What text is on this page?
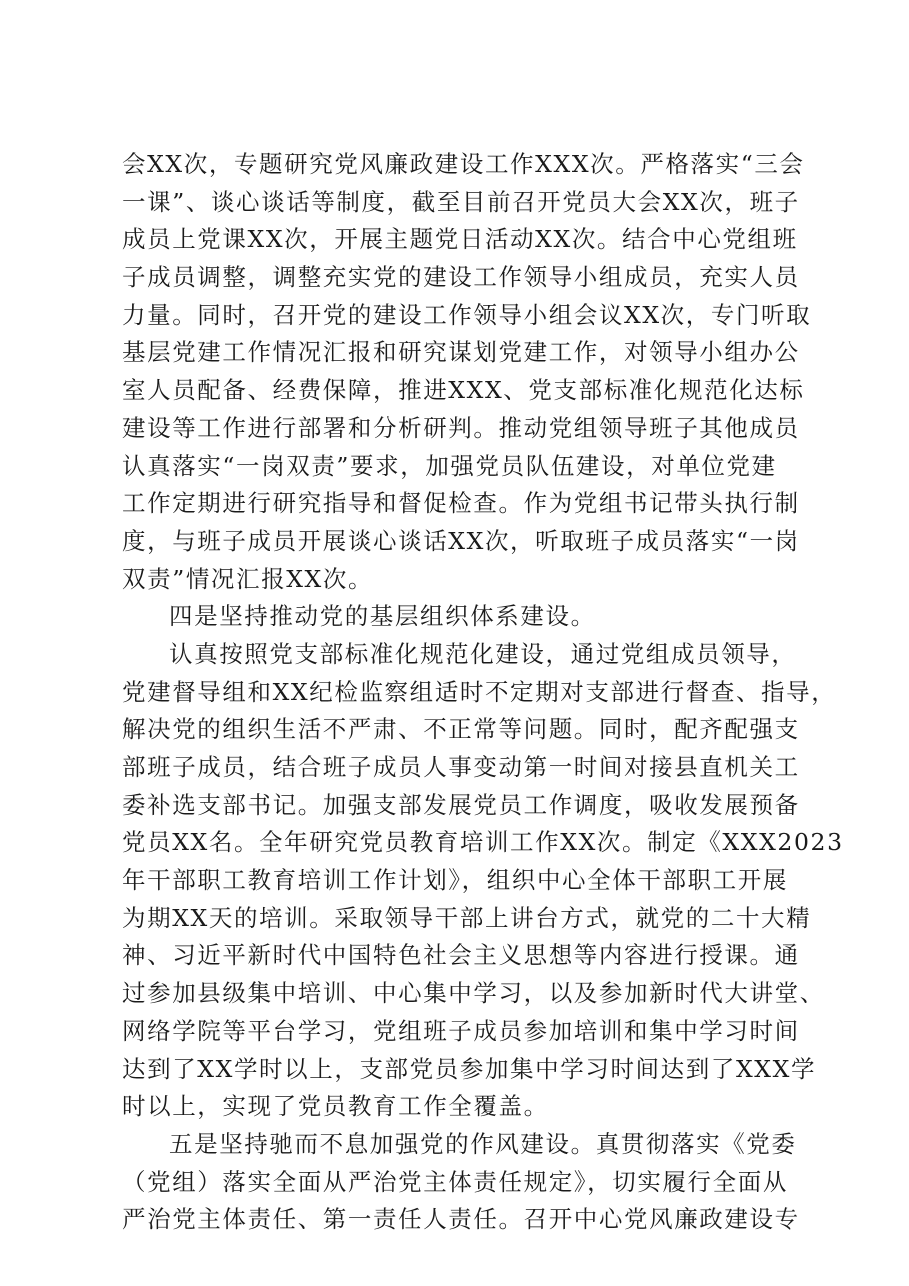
会XX次，专题研究党风廉政建设工作XXX次。严格落实“三会
一课”、谈心谈话等制度，截至目前召开党员大会XX次，班子
成员上党课XX次，开展主题党日活动XX次。结合中心党组班
子成员调整，调整充实党的建设工作领导小组成员，充实人员
力量。同时，召开党的建设工作领导小组会议XX次，专门听取
基层党建工作情况汇报和研究谋划党建工作，对领导小组办公
室人员配备、经费保障，推进XXX、党支部标准化规范化达标
建设等工作进行部署和分析研判。推动党组领导班子其他成员
认真落实“一岗双责”要求，加强党员队伍建设，对单位党建
工作定期进行研究指导和督促检查。作为党组书记带头执行制
度，与班子成员开展谈心谈话XX次，听取班子成员落实“一岗
双责”情况汇报XX次。
四是坚持推动党的基层组织体系建设。
认真按照党支部标准化规范化建设，通过党组成员领导，
党建督导组和XX纪检监察组适时不定期对支部进行督查、指导，
解决党的组织生活不严肃、不正常等问题。同时，配齐配强支
部班子成员，结合班子成员人事变动第一时间对接县直机关工
委补选支部书记。加强支部发展党员工作调度，吸收发展预备
党员XX名。全年研究党员教育培训工作XX次。制定《XXX2023
年干部职工教育培训工作计划》，组织中心全体干部职工开展
为期XX天的培训。采取领导干部上讲台方式，就党的二十大精
神、习近平新时代中国特色社会主义思想等内容进行授课。通
过参加县级集中培训、中心集中学习，以及参加新时代大讲堂、
网络学院等平台学习，党组班子成员参加培训和集中学习时间
达到了XX学时以上，支部党员参加集中学习时间达到了XXX学
时以上，实现了党员教育工作全覆盖。
五是坚持驰而不息加强党的作风建设。真贯彻落实《党委
（党组）落实全面从严治党主体责任规定》，切实履行全面从
严治党主体责任、第一责任人责任。召开中心党风廉政建设专
